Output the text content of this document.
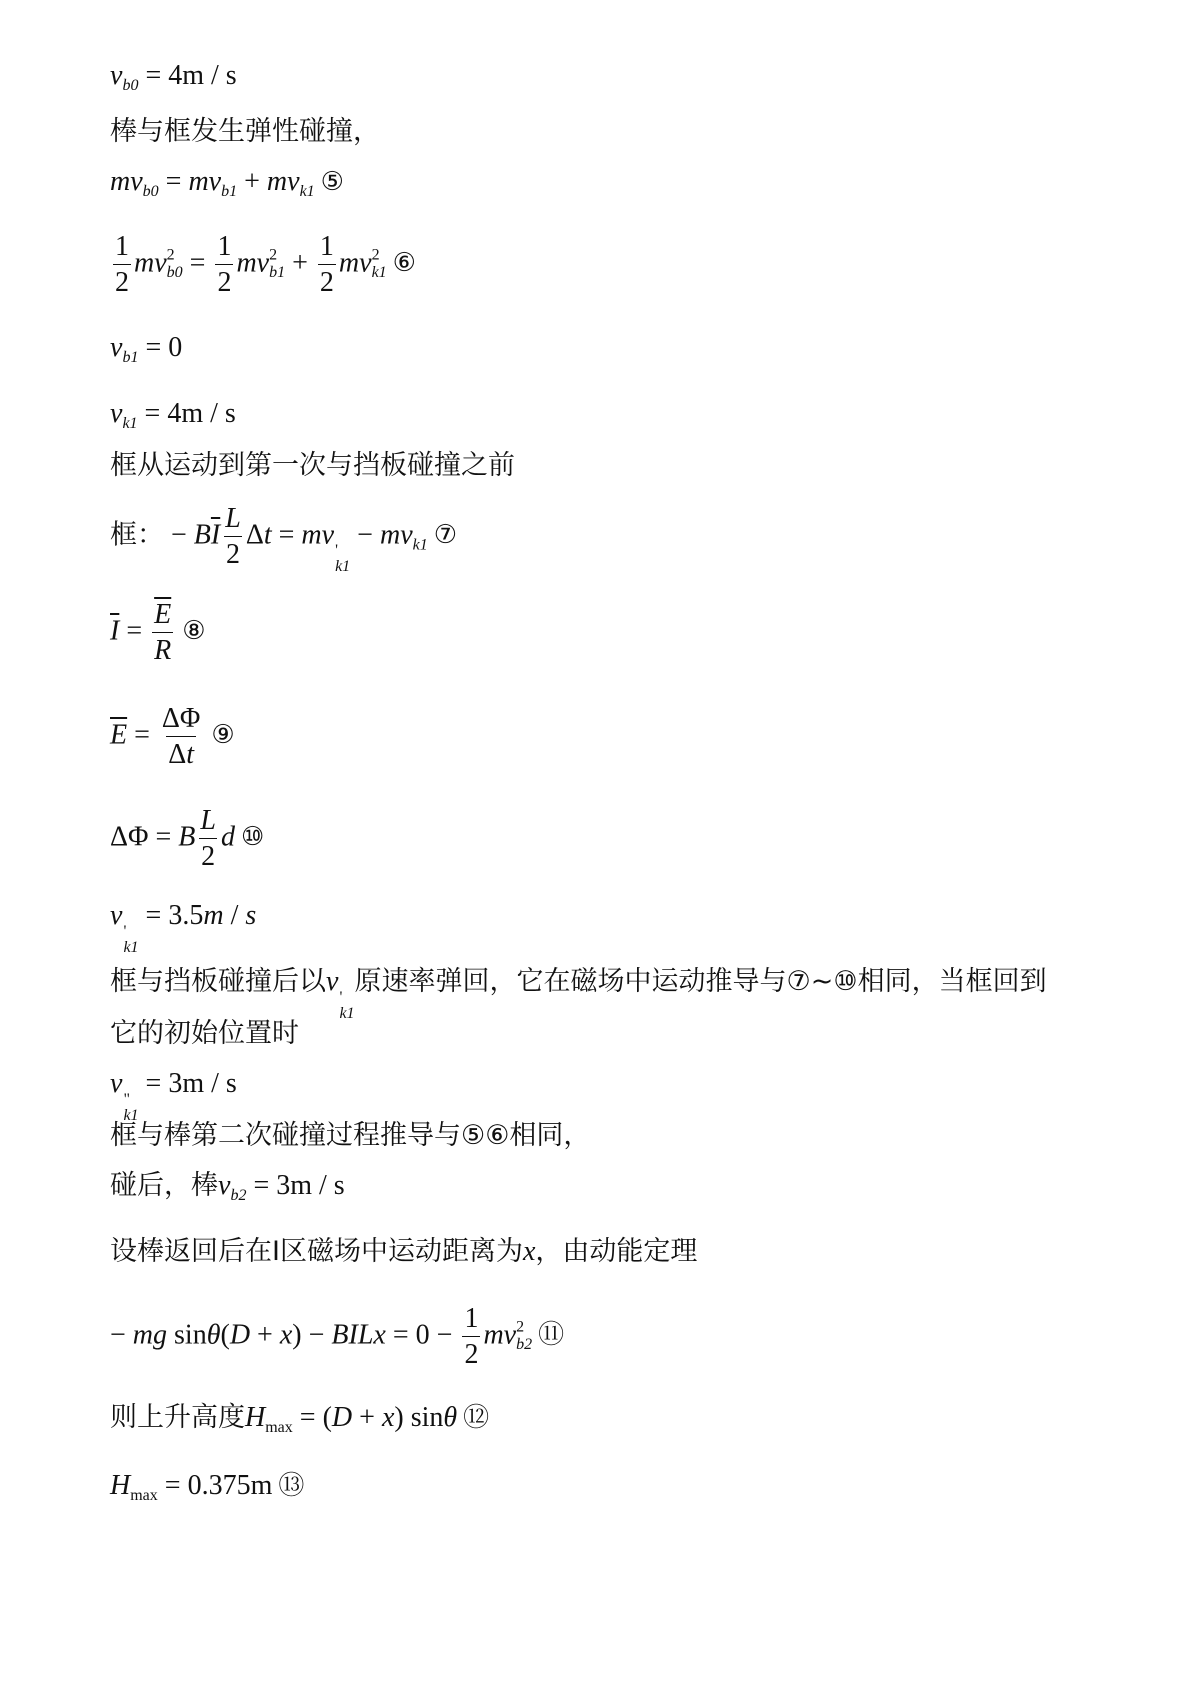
$v_{b0} = 4m / s$
棒与框发生弹性碰撞，
$mv_{b0} = mv_{b1} + mv_{k1}$ ⑤
$\frac{1}{2} mv^2_{b0} = \frac{1}{2} mv^2_{b1} + \frac{1}{2} mv^2_{k1}$ ⑥
$v_{b1} = 0$
$v_{k1} = 4m / s$
框从运动到第一次与挡板碰撞之前
框： − $B\overline{I} \frac{L}{2}$ Δt = mv
'
k1
− $mv_{k1}$ ⑦
$\overline{I} = \frac{\overline{E}}{R}$ ⑧
$\overline{E} = \frac{\Delta\Phi}{\Delta t}$ ⑨
ΔΦ = B $\frac{L}{2}$ d ⑩
v
'
k1
= 3.5m / s
框与挡板碰撞后以v
'
k1
原速率弹回，它在磁场中运动推导与⑦~⑩相同，当框回到
它的初始位置时
v
"
k1
= 3m / s
框与棒第二次碰撞过程推导与⑤⑥相同，
碰后，棒$v_{b2} = 3m / s$
设棒返回后在Ⅰ区磁场中运动距离为x，由动能定理
− mg sinθ(D + x) − BILx = $0 - \frac{1}{2} mv^2_{b2}$ ⑪
则上升高度$H_{max} = (D + x)$ sinθ ⑫
$H_{max} = 0.375m$ ⑬
